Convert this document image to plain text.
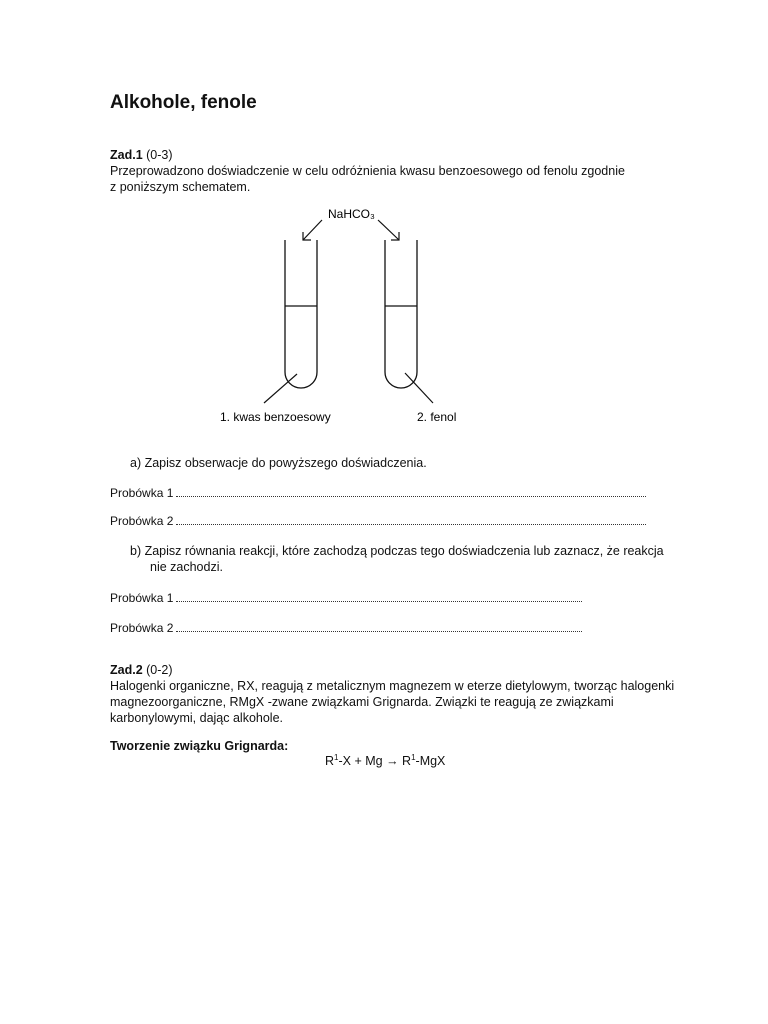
Alkohole, fenole
Zad.1 (0-3)
Przeprowadzono doświadczenie w celu odróżnienia kwasu benzoesowego od fenolu zgodnie
z poniższym schematem.
NaHCO₃
1. kwas benzoesowy	2. fenol
a) Zapisz obserwacje do powyższego doświadczenia.
Probówka 1
Probówka 2
b) Zapisz równania reakcji, które zachodzą podczas tego doświadczenia lub zaznacz, że reakcja
nie zachodzi.
Probówka 1
Probówka 2
Zad.2 (0-2)
Halogenki organiczne, RX, reagują z metalicznym magnezem w eterze dietylowym, tworząc halogenki
magnezoorganiczne, RMgX -zwane związkami Grignarda. Związki te reagują ze związkami
karbonylowymi, dając alkohole.
Tworzenie związku Grignarda:
$R^1-X + Mg \to R^1-MgX$
